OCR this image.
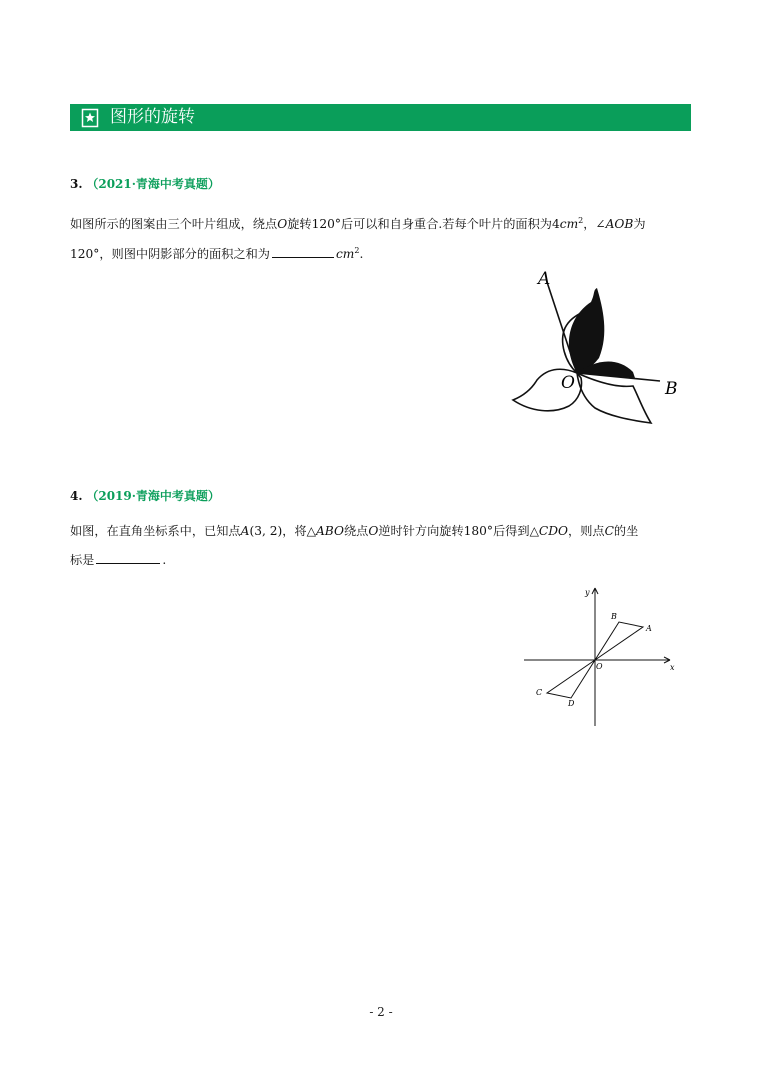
图形的旋转
3. （2021·青海中考真题）
如图所示的图案由三个叶片组成，绕点O旋转120°后可以和自身重合.若每个叶片的面积为$4cm^2$，∠AOB为
120°，则图中阴影部分的面积之和为	$cm^2$.
A
B
O
4. （2019·青海中考真题）
如图，在直角坐标系中，已知点A(3, 2)，将△ABO绕点O逆时针方向旋转180°后得到△CDO，则点C的坐
标是	.
y
x
O
A
B
C
D
- 2 -
